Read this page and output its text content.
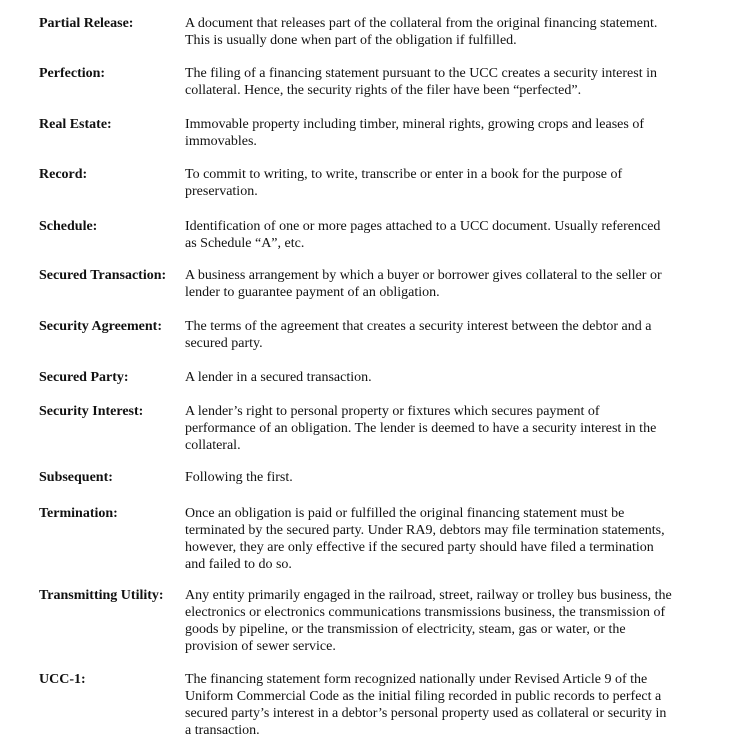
Partial Release:	A document that releases part of the collateral from the original financing statement. This is usually done when part of the obligation if fulfilled.
Perfection:	The filing of a financing statement pursuant to the UCC creates a security interest in collateral. Hence, the security rights of the filer have been “perfected”.
Real Estate:	Immovable property including timber, mineral rights, growing crops and leases of immovables.
Record:	To commit to writing, to write, transcribe or enter in a book for the purpose of preservation.
Schedule:	Identification of one or more pages attached to a UCC document. Usually referenced as Schedule “A”, etc.
Secured Transaction: A business arrangement by which a buyer or borrower gives collateral to the seller or lender to guarantee payment of an obligation.
Security Agreement: The terms of the agreement that creates a security interest between the debtor and a secured party.
Secured Party:	A lender in a secured transaction.
Security Interest:	A lender’s right to personal property or fixtures which secures payment of performance of an obligation. The lender is deemed to have a security interest in the collateral.
Subsequent:	Following the first.
Termination:	Once an obligation is paid or fulfilled the original financing statement must be terminated by the secured party. Under RA9, debtors may file termination statements, however, they are only effective if the secured party should have filed a termination and failed to do so.
Transmitting Utility: Any entity primarily engaged in the railroad, street, railway or trolley bus business, the electronics or electronics communications transmissions business, the transmission of goods by pipeline, or the transmission of electricity, steam, gas or water, or the provision of sewer service.
UCC-1:	The financing statement form recognized nationally under Revised Article 9 of the Uniform Commercial Code as the initial filing recorded in public records to perfect a secured party’s interest in a debtor’s personal property used as collateral or security in a transaction.
